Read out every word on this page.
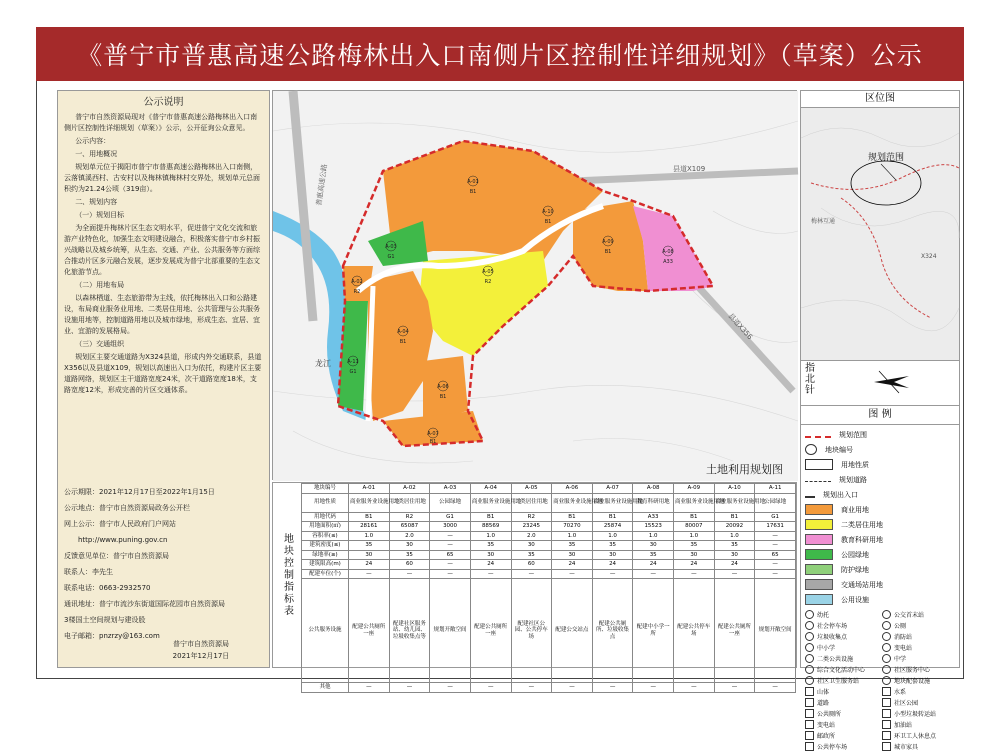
《普宁市普惠高速公路梅林出入口南侧片区控制性详细规划》（草案）公示
公示说明

普宁市自然资源局现对《普宁市普惠高速公路梅林出入口南侧片区控制性详细规划（草案）》公示，公开征询公众意见。

公示内容：

一、用地概况

规划单元位于揭阳市普宁市普惠高速公路梅林出入口南侧，云落镇溪西村、古安村以及梅林镇梅林村交界处，规划单元总面积约为21.24公顷（319亩）。

二、规划内容

（一）规划目标

为全面提升梅林片区生态文明水平，促进普宁文化交流和旅游产业特色化，加强生态文明建设融合，积极落实普宁市乡村振兴战略以及城乡统筹，从生态、交通、产业、公共服务等方面综合推动片区多元融合发展，逐步发展成为普宁北部重要的生态文化旅游节点。

（二）用地布局

以森林栖道、生态旅游带为主线，依托梅林出入口和公路建设，布局商业服务业用地、二类居住用地、公共管理与公共服务设施用地等，控制道路用地以及城市绿地，形成生态、宜居、宜业、宜游的发展格局。

（三）交通组织

规划区主要交通道路为X324县道，形成内外交通联系，县道X356以及县道X109，规划以高速出入口为依托，构建片区主要道路网络，规划区主干道路宽度24米，次干道路宽度18米，支路宽度12米，形成完善的片区交通体系。

公示期限：2021年12月17日至2022年1月15日

公示地点：普宁市自然资源局政务公开栏

网上公示：普宁市人民政府门户网站

http://www.puning.gov.cn

反馈意见单位：普宁市自然资源局

联系人：李先生

联系电话：0663-2932570

通讯地址：普宁市流沙东街道国际花园市自然资源局

3楼国土空间规划与建设股

电子邮箱：pnzrzy@163.com

普宁市自然资源局
2021年12月17日
龙江
普惠高速公路	县道X109
县道X356
A-01
B1
A-04
B1
A-05
R2
A-09
B1	A-08
A33
A-03
G1
A-02
R2
A-06
B1
A-07
B1
A-10
B1
A-11
G1
土地利用规划图
区位图
规划范围
梅林互通
X324
指北针
图 例
规划范围
地块编号
用地性质
规划道路
规划出入口
商业用地
二类居住用地
教育科研用地
公园绿地
防护绿地
交通场站用地
公用设施
幼托	公交首末站
社会停车场	公厕
垃圾收集点	消防站
中小学	变电站
二类公共设施	中学
综合文化活动中心	社区服务中心
社区卫生服务站	地块配套设施
山体	水系
道路	社区公园
公共厕所	小型垃圾转运站
变电站	加油站
邮政所	环卫工人休息点
公共停车场	城市家具
地块控制指标表
地块编号	A-01	A-02	A-03	A-04	A-05	A-06	A-07	A-08	A-09	A-10	A-11
用地性质	商业服务业设施用地	二类居住用地	公园绿地	商业服务业设施用地	二类居住用地	商业服务业设施用地	商业服务业设施用地	教育科研用地	商业服务业设施用地	商业服务业设施用地	公园绿地
用地代码	B1	R2	G1	B1	R2	B1	B1	A33	B1	B1	G1
用地面积(㎡)	28161	65087	3000	88569	23245	70270	25874	15523	80007	20092	17631
容积率(≤)	1.0	2.0	—	1.0	2.0	1.0	1.0	1.0	1.0	1.0	—
建筑密度(≤)	35	30	—	35	30	35	35	30	35	35	—
绿地率(≥)	30	35	65	30	35	30	30	35	30	30	65
建筑限高(m)	24	60	—	24	60	24	24	24	24	24	—
配建车位(个)	—	—	—	—	—	—	—	—	—	—	—
公共服务设施	配建公共厕所一座	配建社区服务站、幼儿园、垃圾收集点等	规划开敞空间	配建公共厕所一座	配建社区公园、公共停车场	配建公交站点	配建公共厕所、垃圾收集点	配建中小学一所	配建公共停车场	配建公共厕所一座	规划开敞空间
其他	—	—	—	—	—	—	—	—	—	—	—
